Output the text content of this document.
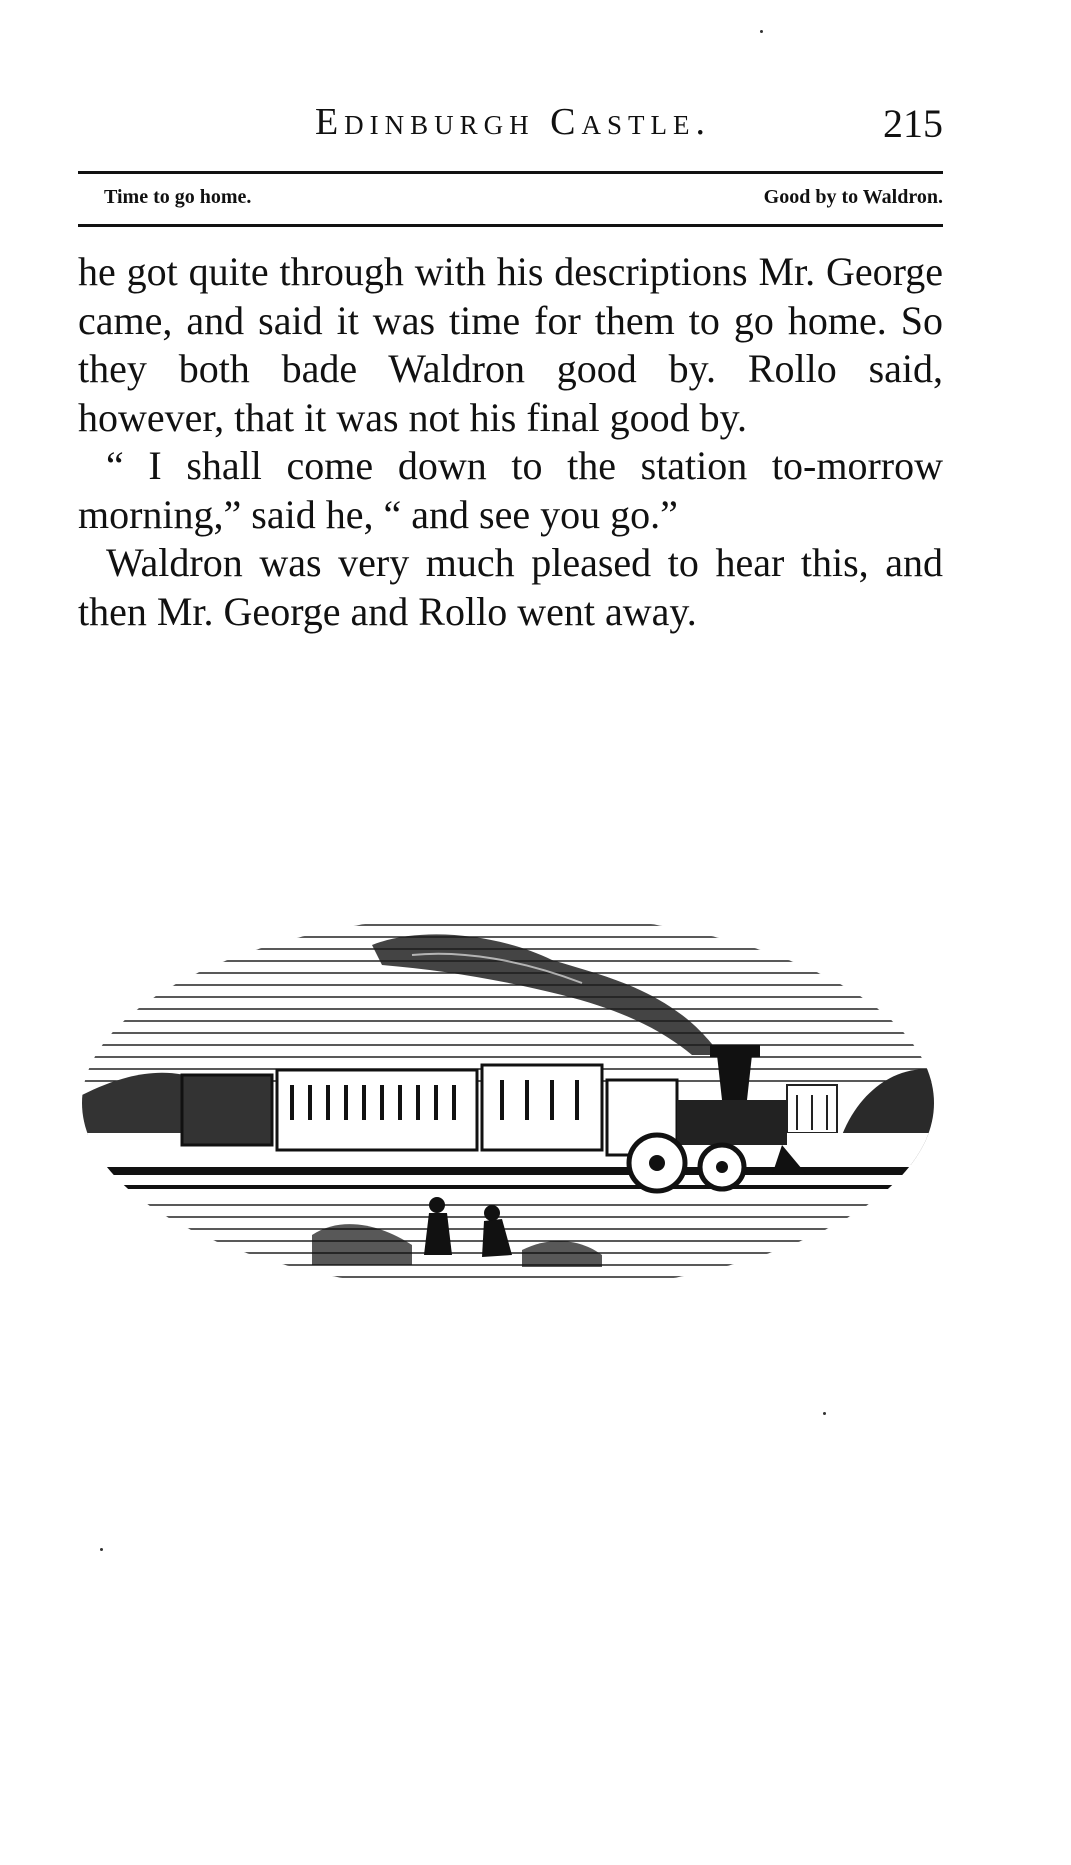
Edinburgh Castle.	215
Time to go home.	Good by to Waldron.

he got quite through with his descriptions Mr. George came, and said it was time for them to go home. So they both bade Waldron good by. Rollo said, however, that it was not his final good by.

“ I shall come down to the station to-morrow morning,” said he, “ and see you go.”

Waldron was very much pleased to hear this, and then Mr. George and Rollo went away.
